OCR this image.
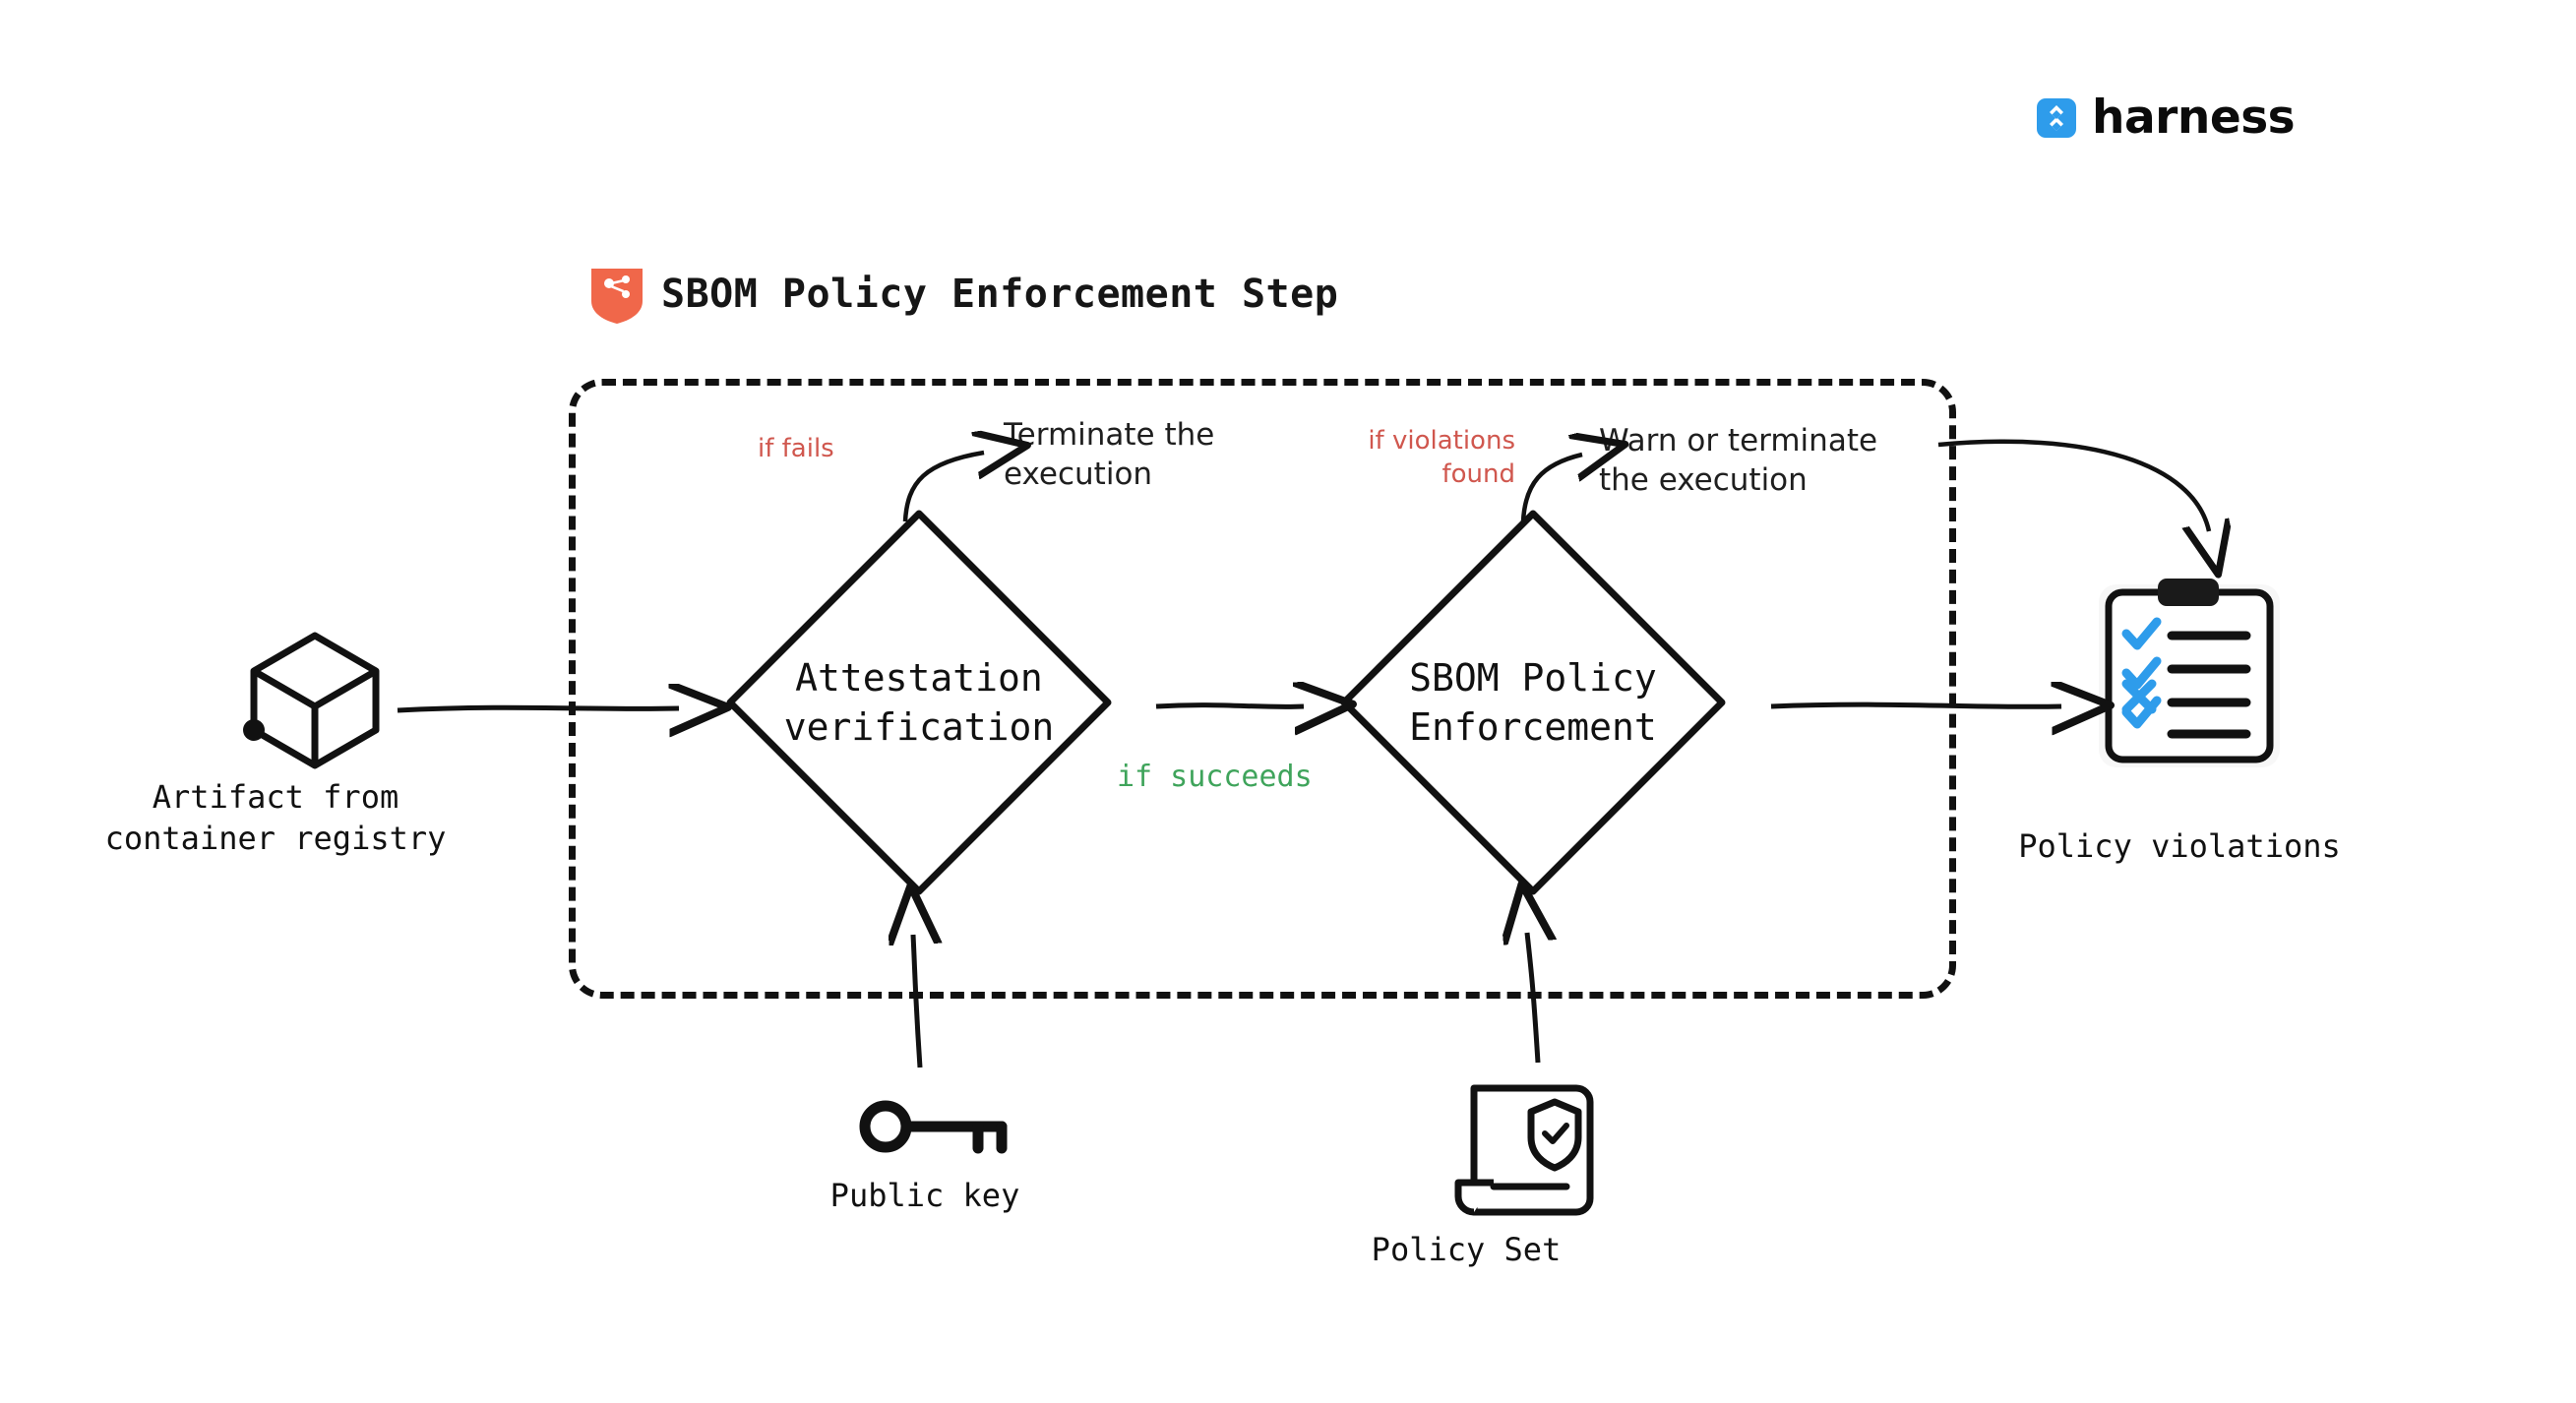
harness
SBOM Policy Enforcement Step
Attestation
verification
SBOM Policy
Enforcement
Artifact from
container registry
Public key
Policy Set
Policy violations
if fails	Terminate the
execution
if violations
found
Warn or terminate
the execution
if succeeds
